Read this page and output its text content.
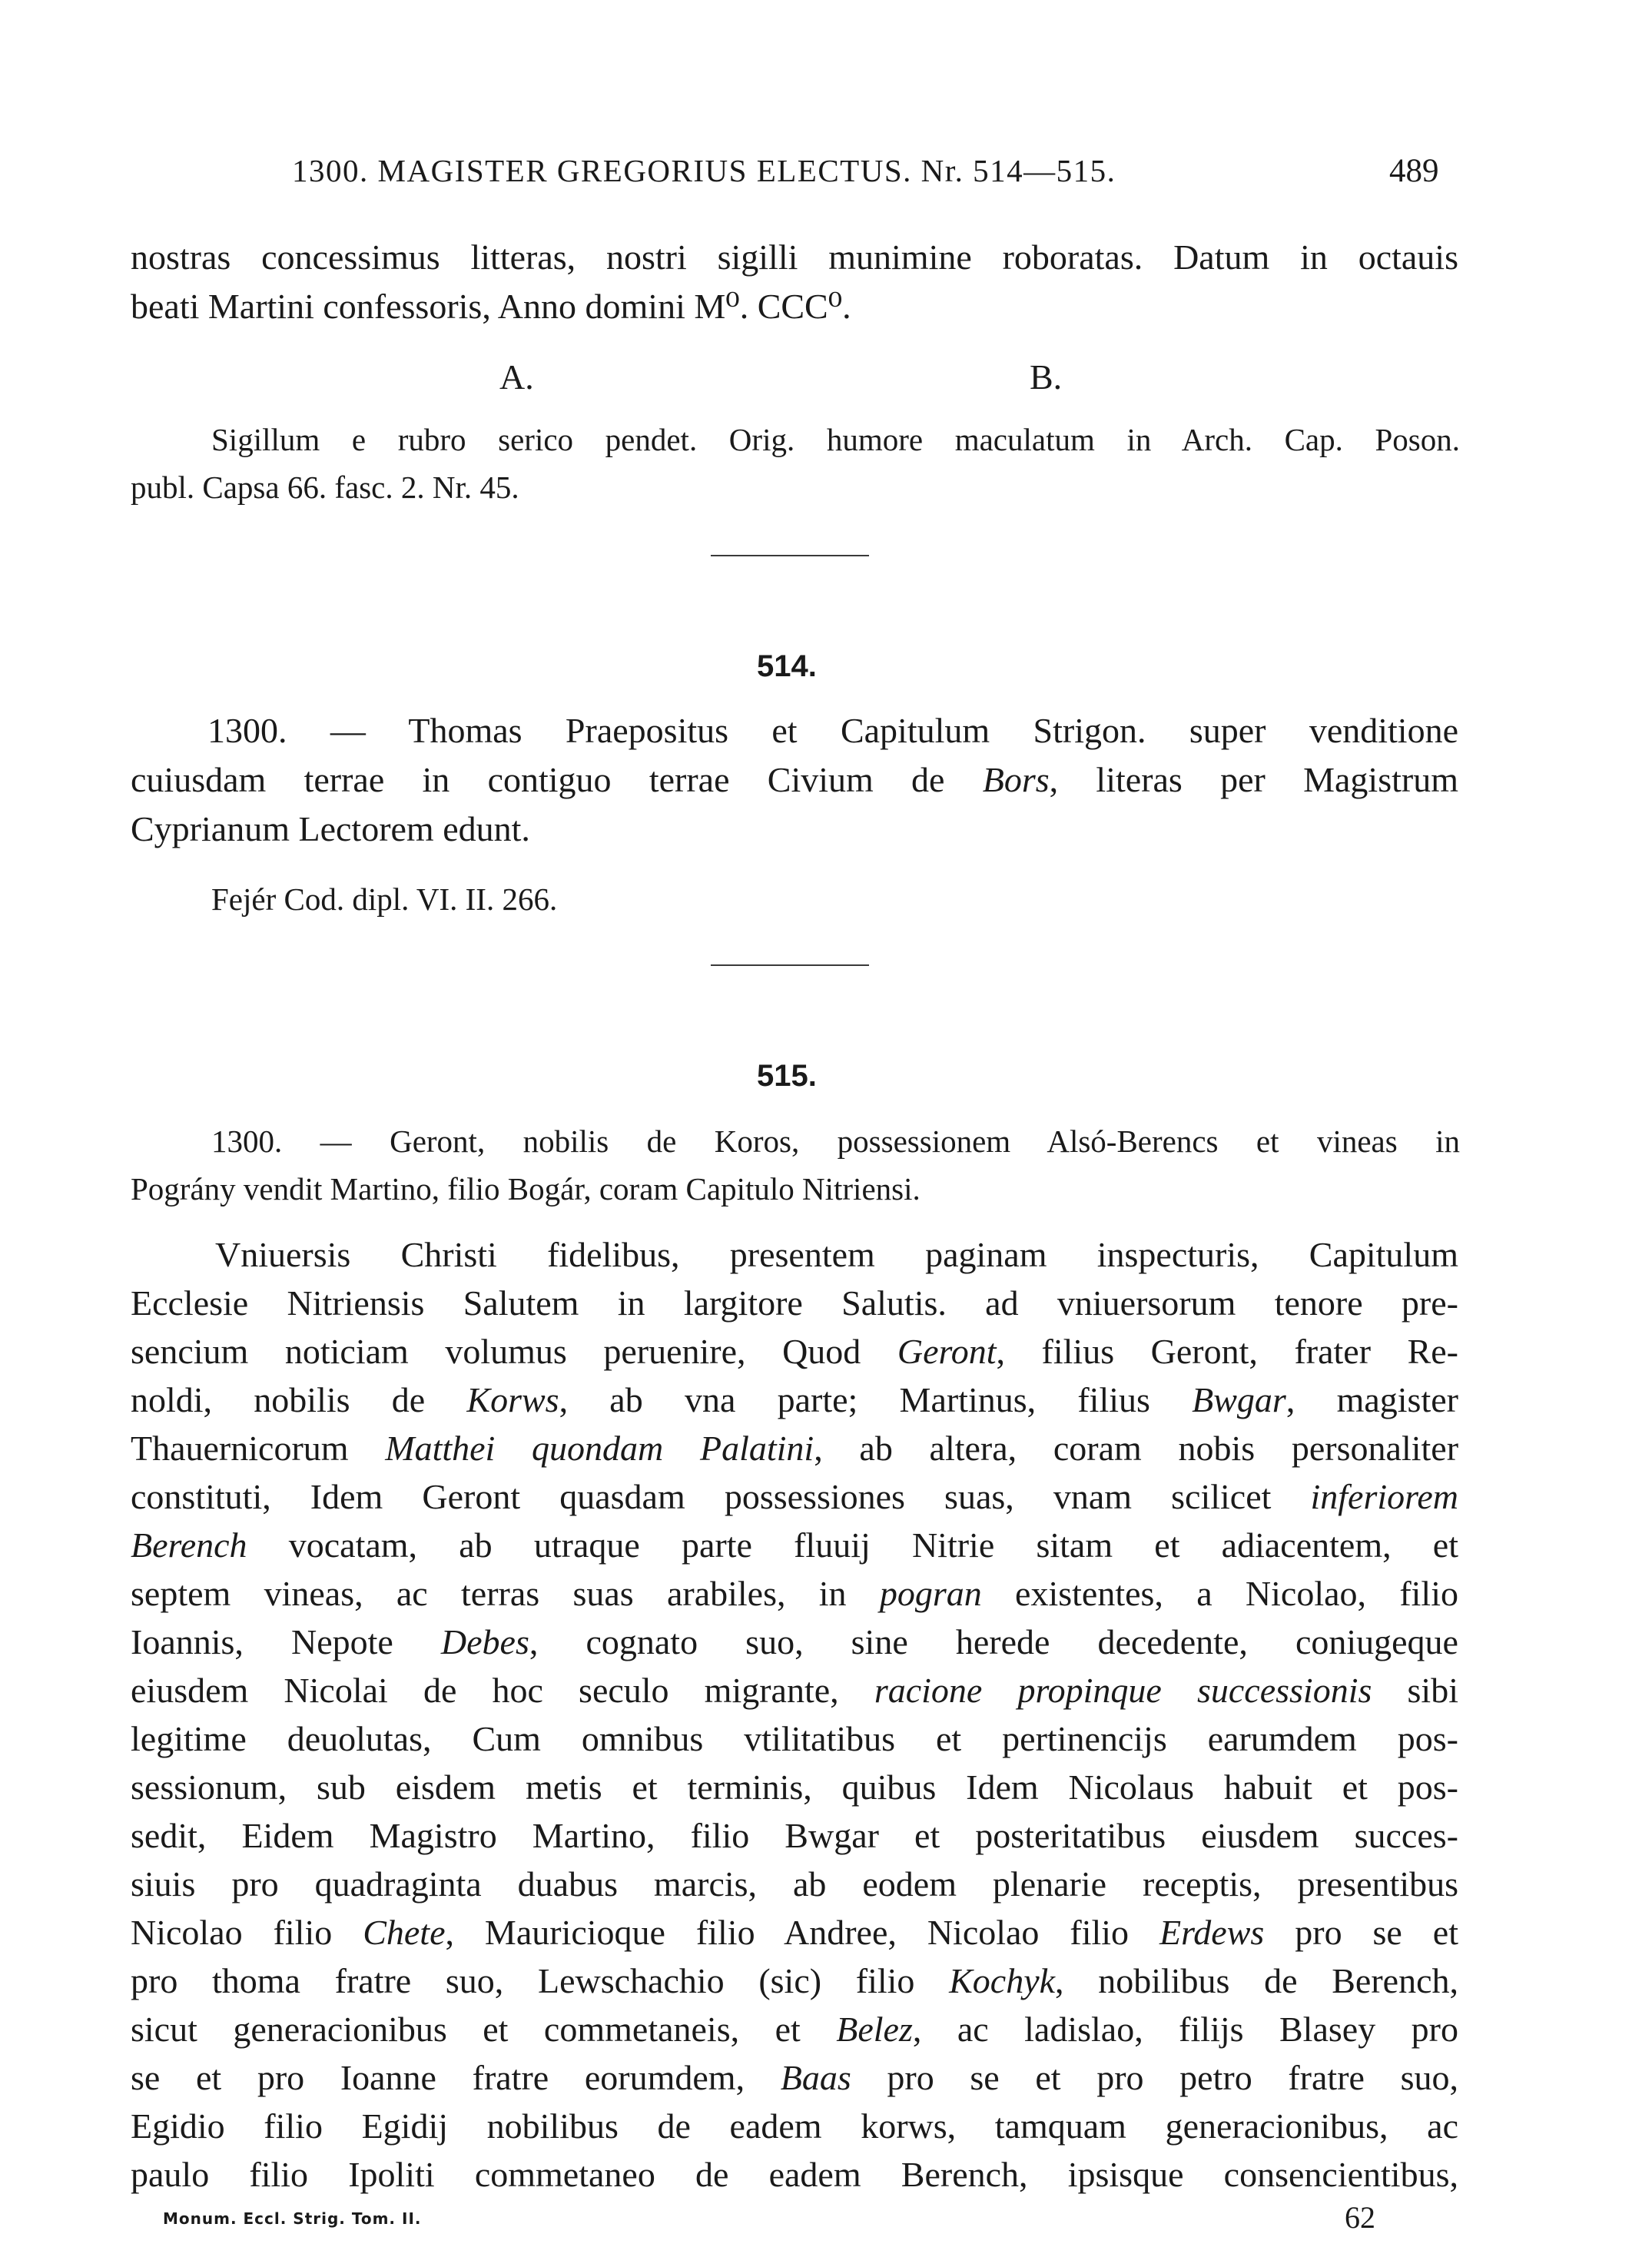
1300. MAGISTER GREGORIUS ELECTUS. Nr. 514—515.	489
nostras concessimus litteras, nostri sigilli munimine roboratas. Datum in octauis
beati Martini confessoris, Anno domini M⁰. CCC⁰.
A.	B.
Sigillum e rubro serico pendet. Orig. humore maculatum in Arch. Cap. Poson.
publ. Capsa 66. fasc. 2. Nr. 45.
514.
1300. — Thomas Praepositus et Capitulum Strigon. super venditione
cuiusdam terrae in contiguo terrae Civium de Bors, literas per Magistrum
Cyprianum Lectorem edunt.
Fejér Cod. dipl. VI. II. 266.
515.
1300. — Geront, nobilis de Koros, possessionem Alsó-Berencs et vineas in
Pográny vendit Martino, filio Bogár, coram Capitulo Nitriensi.
Vniuersis Christi fidelibus, presentem paginam inspecturis, Capitulum
Ecclesie Nitriensis Salutem in largitore Salutis. ad vniuersorum tenore pre-
sencium noticiam volumus peruenire, Quod Geront, filius Geront, frater Re-
noldi, nobilis de Korws, ab vna parte; Martinus, filius Bwgar, magister
Thauernicorum Matthei quondam Palatini, ab altera, coram nobis personaliter
constituti, Idem Geront quasdam possessiones suas, vnam scilicet inferiorem
Berench vocatam, ab utraque parte fluuij Nitrie sitam et adiacentem, et
septem vineas, ac terras suas arabiles, in pogran existentes, a Nicolao, filio
Ioannis, Nepote Debes, cognato suo, sine herede decedente, coniugeque
eiusdem Nicolai de hoc seculo migrante, racione propinque successionis sibi
legitime deuolutas, Cum omnibus vtilitatibus et pertinencijs earumdem pos-
sessionum, sub eisdem metis et terminis, quibus Idem Nicolaus habuit et pos-
sedit, Eidem Magistro Martino, filio Bwgar et posteritatibus eiusdem succes-
siuis pro quadraginta duabus marcis, ab eodem plenarie receptis, presentibus
Nicolao filio Chete, Mauricioque filio Andree, Nicolao filio Erdews pro se et
pro thoma fratre suo, Lewschachio (sic) filio Kochyk, nobilibus de Berench,
sicut generacionibus et commetaneis, et Belez, ac ladislao, filijs Blasey pro
se et pro Ioanne fratre eorumdem, Baas pro se et pro petro fratre suo,
Egidio filio Egidij nobilibus de eadem korws, tamquam generacionibus, ac
paulo filio Ipoliti commetaneo de eadem Berench, ipsisque consencientibus,
Monum. Eccl. Strig. Tom. II.	62
